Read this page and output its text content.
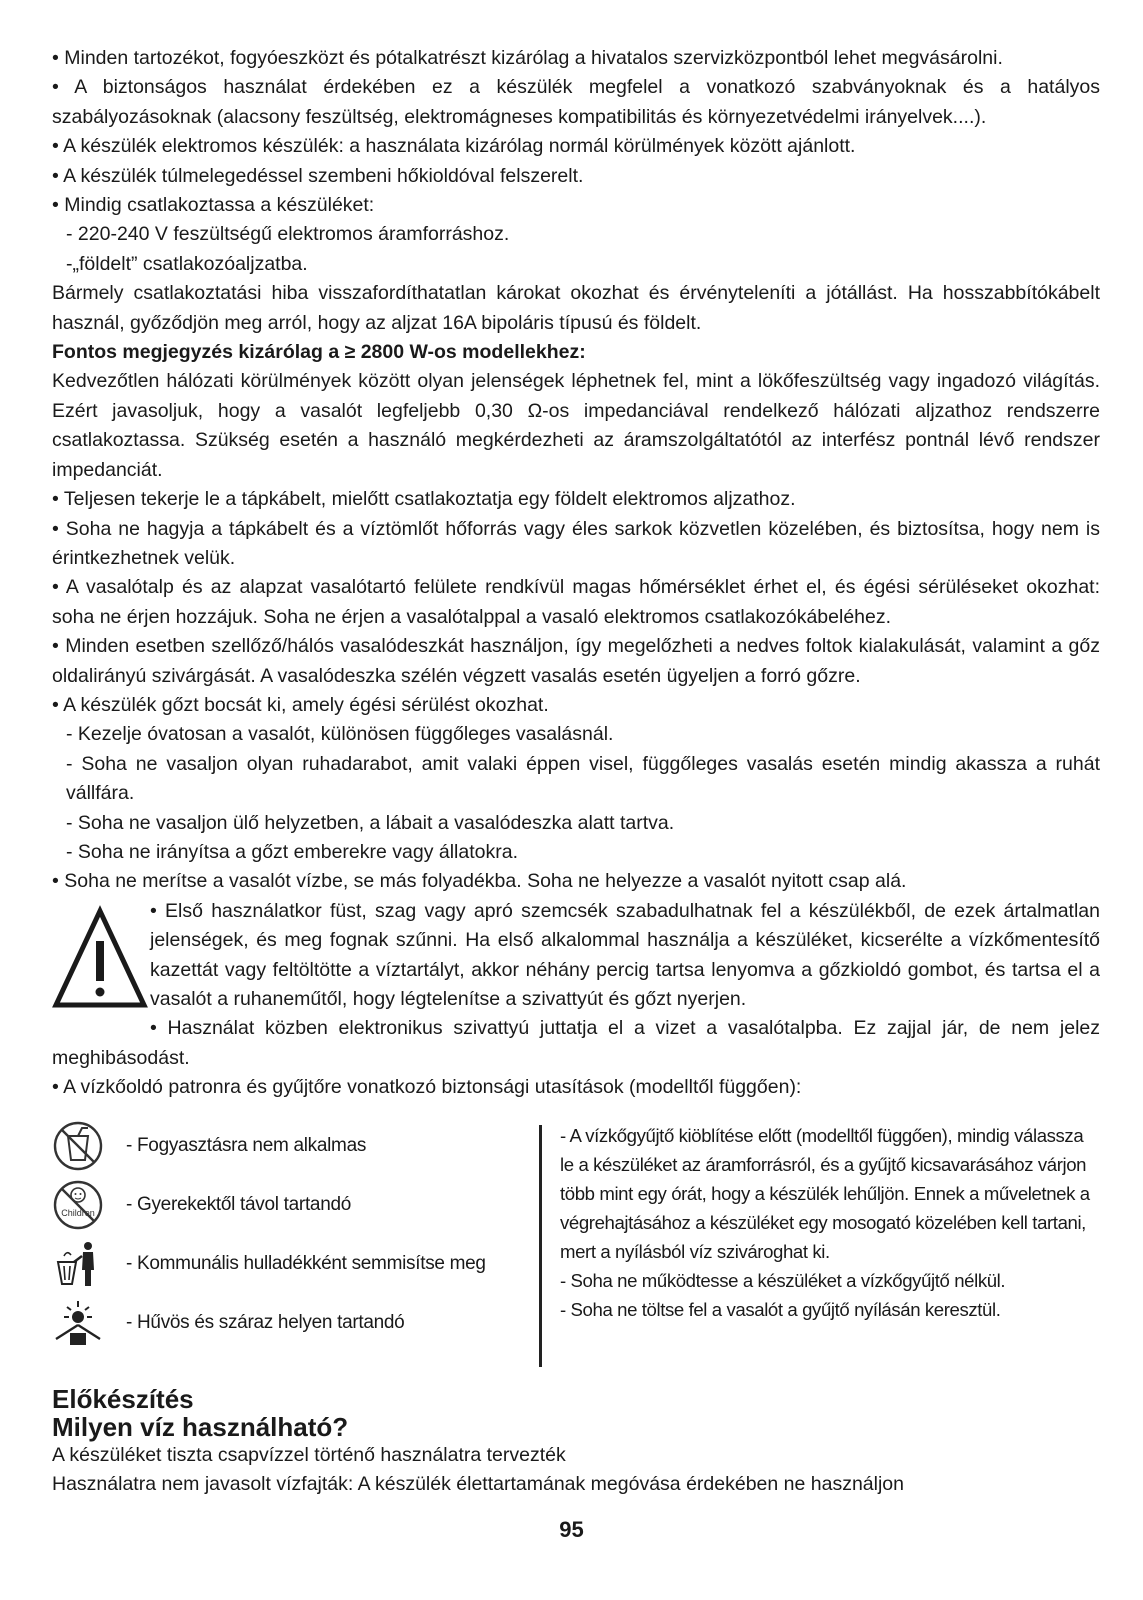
• Minden tartozékot, fogyóeszközt és pótalkatrészt kizárólag a hivatalos szervizközpontból lehet megvásárolni.

• A biztonságos használat érdekében ez a készülék megfelel a vonatkozó szabványoknak és a hatályos szabályozásoknak (alacsony feszültség, elektromágneses kompatibilitás és környezetvédelmi irányelvek....).

• A készülék elektromos készülék: a használata kizárólag normál körülmények között ajánlott.

• A készülék túlmelegedéssel szembeni hőkioldóval felszerelt.

• Mindig csatlakoztassa a készüléket:

- 220-240 V feszültségű elektromos áramforráshoz.

-„földelt” csatlakozóaljzatba.

Bármely csatlakoztatási hiba visszafordíthatatlan károkat okozhat és érvényteleníti a jótállást. Ha hosszabbítókábelt használ, győződjön meg arról, hogy az aljzat 16A bipoláris típusú és földelt.

Fontos megjegyzés kizárólag a ≥ 2800 W-os modellekhez:

Kedvezőtlen hálózati körülmények között olyan jelenségek léphetnek fel, mint a lökőfeszültség vagy ingadozó világítás. Ezért javasoljuk, hogy a vasalót legfeljebb 0,30 Ω-os impedanciával rendelkező hálózati aljzathoz rendszerre csatlakoztassa. Szükség esetén a használó megkérdezheti az áramszolgáltatótól az interfész pontnál lévő rendszer impedanciát.

• Teljesen tekerje le a tápkábelt, mielőtt csatlakoztatja egy földelt elektromos aljzathoz.

• Soha ne hagyja a tápkábelt és a víztömlőt hőforrás vagy éles sarkok közvetlen közelében, és biztosítsa, hogy nem is érintkezhetnek velük.

• A vasalótalp és az alapzat vasalótartó felülete rendkívül magas hőmérséklet érhet el, és égési sérüléseket okozhat: soha ne érjen hozzájuk. Soha ne érjen a vasalótalppal a vasaló elektromos csatlakozókábeléhez.

• Minden esetben szellőző/hálós vasalódeszkát használjon, így megelőzheti a nedves foltok kialakulását, valamint a gőz oldalirányú szivárgását. A vasalódeszka szélén végzett vasalás esetén ügyeljen a forró gőzre.

• A készülék gőzt bocsát ki, amely égési sérülést okozhat.

- Kezelje óvatosan a vasalót, különösen függőleges vasalásnál.

- Soha ne vasaljon olyan ruhadarabot, amit valaki éppen visel, függőleges vasalás esetén mindig akassza a ruhát vállfára.

- Soha ne vasaljon ülő helyzetben, a lábait a vasalódeszka alatt tartva.

- Soha ne irányítsa a gőzt emberekre vagy állatokra.

• Soha ne merítse a vasalót vízbe, se más folyadékba. Soha ne helyezze a vasalót nyitott csap alá.

• Első használatkor füst, szag vagy apró szemcsék szabadulhatnak fel a készülékből, de ezek ártalmatlan jelenségek, és meg fognak szűnni. Ha első alkalommal használja a készüléket, kicserélte a vízkőmentesítő kazettát vagy feltöltötte a víztartályt, akkor néhány percig tartsa lenyomva a gőzkioldó gombot, és tartsa el a vasalót a ruhaneműtől, hogy légtelenítse a szivattyút és gőzt nyerjen.

• Használat közben elektronikus szivattyú juttatja el a vizet a vasalótalpba. Ez zajjal jár, de nem jelez meghibásodást.

• A vízkőoldó patronra és gyűjtőre vonatkozó biztonsági utasítások (modelltől függően):

- Fogyasztásra nem alkalmas
Children - Gyerekektől távol tartandó
- Kommunális hulladékként semmisítse meg
- Hűvös és száraz helyen tartandó

- A vízkőgyűjtő kiöblítése előtt (modelltől függően), mindig válassza le a készüléket az áramforrásról, és a gyűjtő kicsavarásához várjon több mint egy órát, hogy a készülék lehűljön. Ennek a műveletnek a végrehajtásához a készüléket egy mosogató közelében kell tartani, mert a nyílásból víz szivároghat ki.

- Soha ne működtesse a készüléket a vízkőgyűjtő nélkül.

- Soha ne töltse fel a vasalót a gyűjtő nyílásán keresztül.

Előkészítés
Milyen víz használható?

A készüléket tiszta csapvízzel történő használatra tervezték

Használatra nem javasolt vízfajták: A készülék élettartamának megóvása érdekében ne használjon

95
